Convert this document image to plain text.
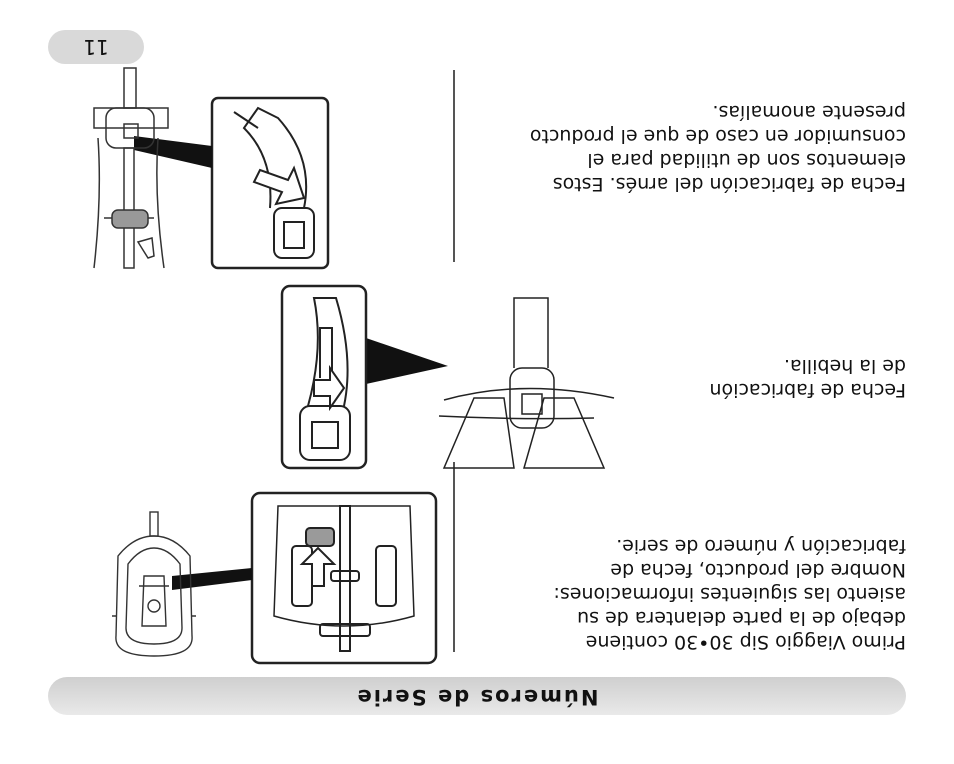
Números de Serie
11
Primo Viaggio Sip 30•30 contiene debajo de la parte delantera de su asiento las siguientes informaciones: Nombre del producto, fecha de fabricación y número de serie.
Fecha de fabricación de la hebilla.
Fecha de fabricación del arnés. Estos elementos son de utilidad para el consumidor en caso de que el producto presente anomalías.
